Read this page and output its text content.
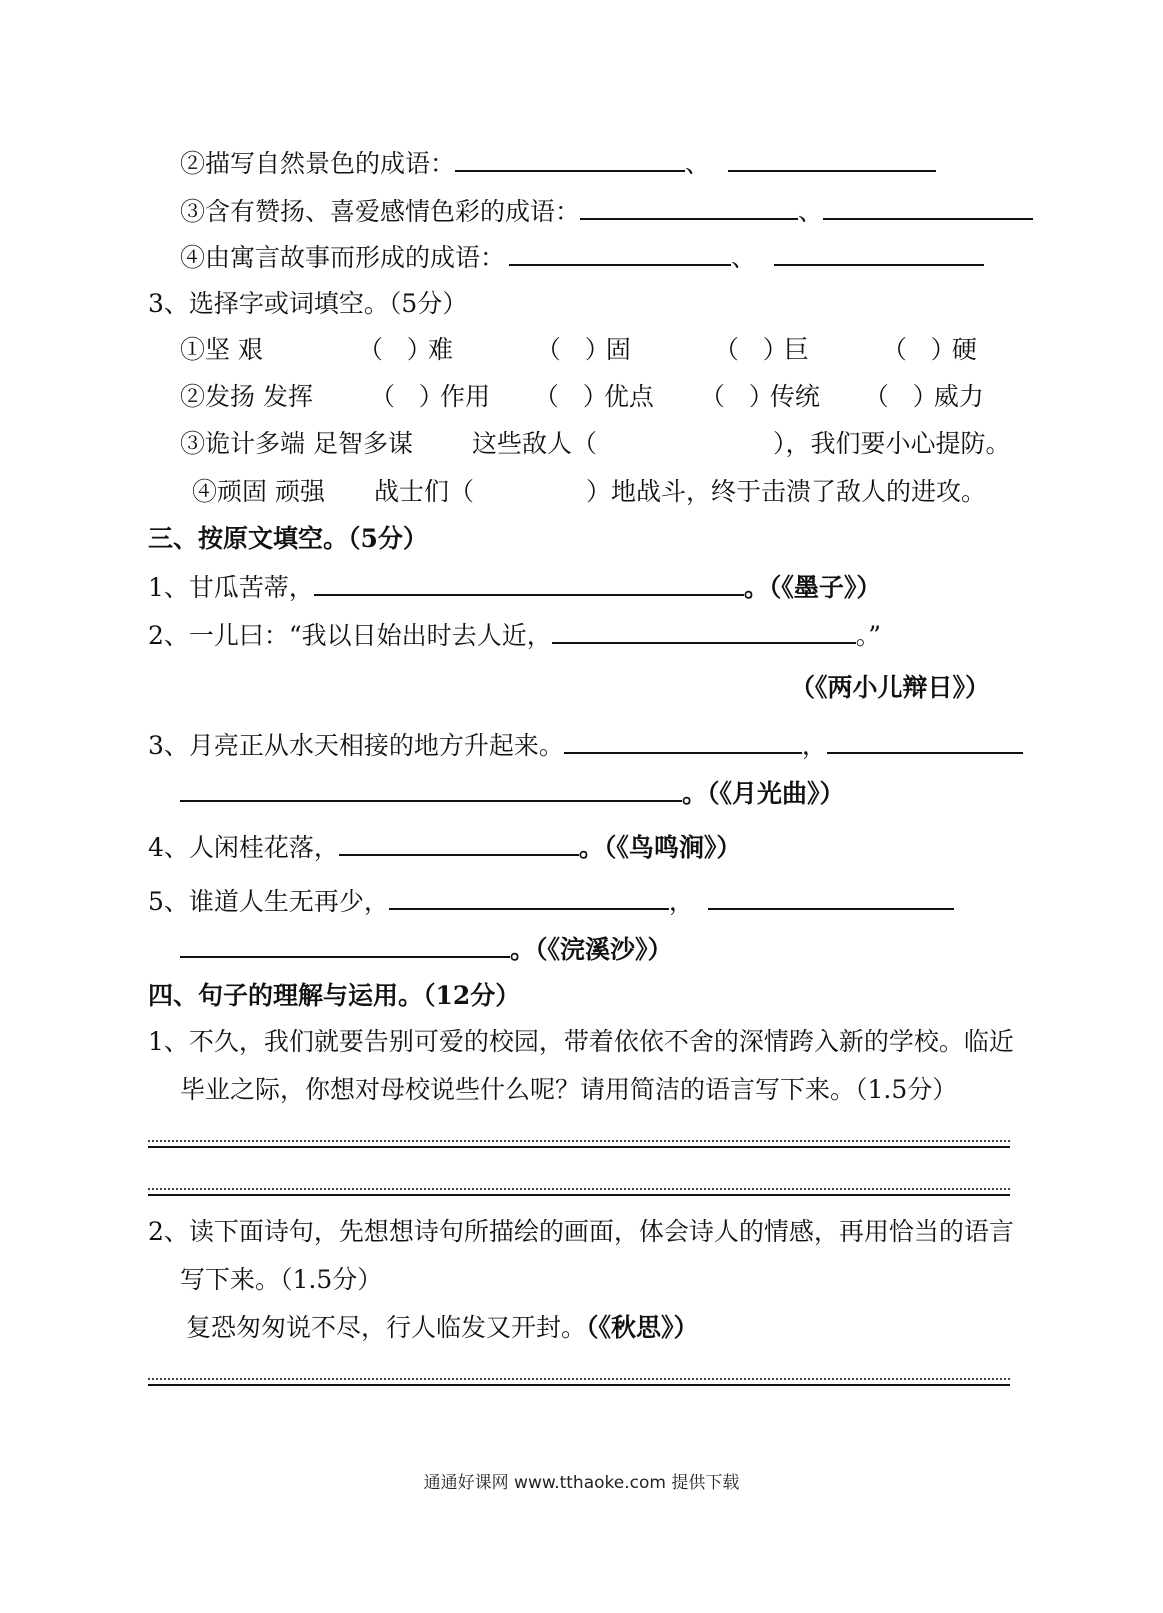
②描写自然景色的成语：	、
③含有赞扬、喜爱感情色彩的成语：	、
④由寓言故事而形成的成语：	、
3、选择字或词填空。（5分）
①坚 艰	（   ）难	（   ）固	（   ）巨	（   ）硬
②发扬 发挥 （   ）作用 （   ）优点 （   ）传统 （   ）威力
③诡计多端 足智多谋 这些敌人（	），我们要小心提防。
④顽固 顽强 战士们（	）地战斗，终于击溃了敌人的进攻。
三、按原文填空。（5分）
1、甘瓜苦蒂，	。（《墨子》）
2、一儿曰：“我以日始出时去人近，	。”
（《两小儿辩日》）
3、月亮正从水天相接的地方升起来。	，
。（《月光曲》）
4、人闲桂花落，	。（《鸟鸣涧》）
5、谁道人生无再少，	，
。（《浣溪沙》）
四、句子的理解与运用。（12分）
1、不久，我们就要告别可爱的校园，带着依依不舍的深情跨入新的学校。临近
毕业之际，你想对母校说些什么呢？请用简洁的语言写下来。（1.5分）
2、读下面诗句，先想想诗句所描绘的画面，体会诗人的情感，再用恰当的语言
写下来。（1.5分）
复恐匆匆说不尽，行人临发又开封。（《秋思》）
通通好课网 www.tthaoke.com 提供下载
